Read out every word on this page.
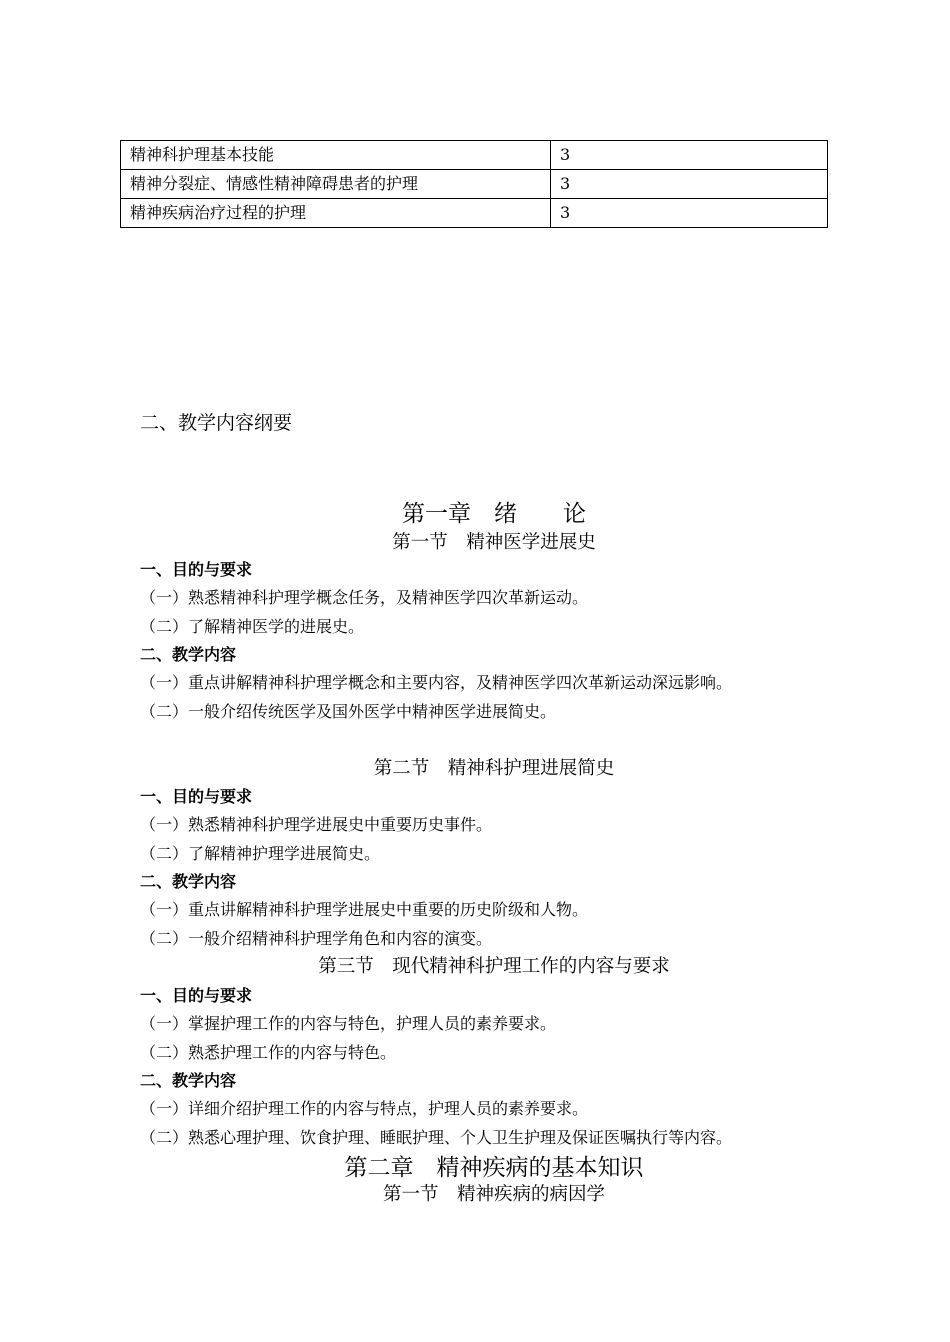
精神科护理基本技能	3
精神分裂症、情感性精神障碍患者的护理	3
精神疾病治疗过程的护理	3
二、教学内容纲要
第一章　绪　　论
第一节　精神医学进展史
一、目的与要求
（一）熟悉精神科护理学概念任务，及精神医学四次革新运动。
（二）了解精神医学的进展史。
二、教学内容
（一）重点讲解精神科护理学概念和主要内容，及精神医学四次革新运动深远影响。
（二）一般介绍传统医学及国外医学中精神医学进展简史。
第二节　精神科护理进展简史
一、目的与要求
（一）熟悉精神科护理学进展史中重要历史事件。
（二）了解精神护理学进展简史。
二、教学内容
（一）重点讲解精神科护理学进展史中重要的历史阶级和人物。
（二）一般介绍精神科护理学角色和内容的演变。
第三节　现代精神科护理工作的内容与要求
一、目的与要求
（一）掌握护理工作的内容与特色，护理人员的素养要求。
（二）熟悉护理工作的内容与特色。
二、教学内容
（一）详细介绍护理工作的内容与特点，护理人员的素养要求。
（二）熟悉心理护理、饮食护理、睡眠护理、个人卫生护理及保证医嘱执行等内容。
第二章　精神疾病的基本知识
第一节　精神疾病的病因学
